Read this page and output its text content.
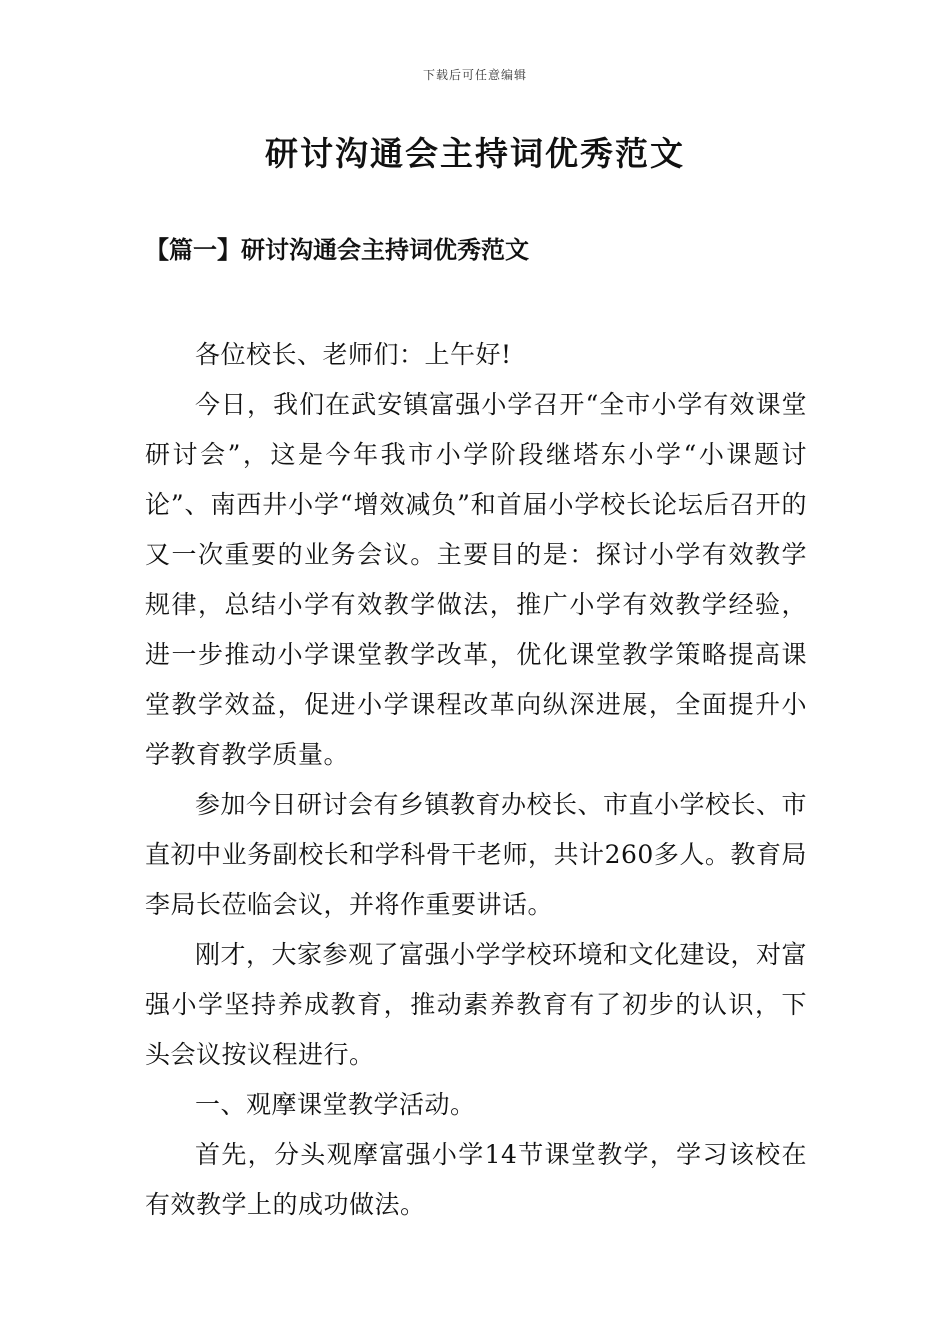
下载后可任意编辑
研讨沟通会主持词优秀范文
【篇一】研讨沟通会主持词优秀范文

各位校长、老师们：上午好!

今日，我们在武安镇富强小学召开“全市小学有效课堂研讨会”，这是今年我市小学阶段继塔东小学“小课题讨论”、南西井小学“增效减负”和首届小学校长论坛后召开的又一次重要的业务会议。主要目的是：探讨小学有效教学规律，总结小学有效教学做法，推广小学有效教学经验，进一步推动小学课堂教学改革，优化课堂教学策略提高课堂教学效益，促进小学课程改革向纵深进展，全面提升小学教育教学质量。

参加今日研讨会有乡镇教育办校长、市直小学校长、市直初中业务副校长和学科骨干老师，共计260多人。教育局李局长莅临会议，并将作重要讲话。

刚才，大家参观了富强小学学校环境和文化建设，对富强小学坚持养成教育，推动素养教育有了初步的认识，下头会议按议程进行。

一、观摩课堂教学活动。

首先，分头观摩富强小学14节课堂教学，学习该校在有效教学上的成功做法。
